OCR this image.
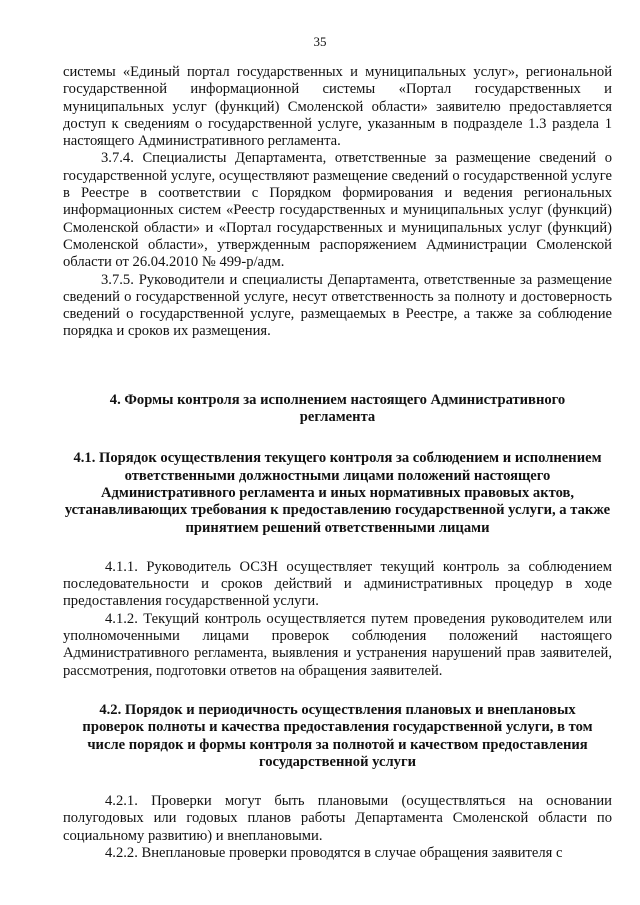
35

системы «Единый портал государственных и муниципальных услуг», региональной государственной информационной системы «Портал государственных и муниципальных услуг (функций) Смоленской области» заявителю предоставляется доступ к сведениям о государственной услуге, указанным в подразделе 1.3 раздела 1 настоящего Административного регламента.

3.7.4. Специалисты Департамента, ответственные за размещение сведений о государственной услуге, осуществляют размещение сведений о государственной услуге в Реестре в соответствии с Порядком формирования и ведения региональных информационных систем «Реестр государственных и муниципальных услуг (функций) Смоленской области» и «Портал государственных и муниципальных услуг (функций) Смоленской области», утвержденным распоряжением Администрации Смоленской области от 26.04.2010 № 499-р/адм.

3.7.5. Руководители и специалисты Департамента, ответственные за размещение сведений о государственной услуге, несут ответственность за полноту и достоверность сведений о государственной услуге, размещаемых в Реестре, а также за соблюдение порядка и сроков их размещения.

4. Формы контроля за исполнением настоящего Административного регламента
4.1. Порядок осуществления текущего контроля за соблюдением и исполнением ответственными должностными лицами положений настоящего Административного регламента и иных нормативных правовых актов, устанавливающих требования к предоставлению государственной услуги, а также принятием решений ответственными лицами

4.1.1. Руководитель ОСЗН осуществляет текущий контроль за соблюдением последовательности и сроков действий и административных процедур в ходе предоставления государственной услуги.

4.1.2. Текущий контроль осуществляется путем проведения руководителем или уполномоченными лицами проверок соблюдения положений настоящего Административного регламента, выявления и устранения нарушений прав заявителей, рассмотрения, подготовки ответов на обращения заявителей.

4.2. Порядок и периодичность осуществления плановых и внеплановых проверок полноты и качества предоставления государственной услуги, в том числе порядок и формы контроля за полнотой и качеством предоставления государственной услуги

4.2.1. Проверки могут быть плановыми (осуществляться на основании полугодовых или годовых планов работы Департамента Смоленской области по социальному развитию) и внеплановыми.

4.2.2. Внеплановые проверки проводятся в случае обращения заявителя с
